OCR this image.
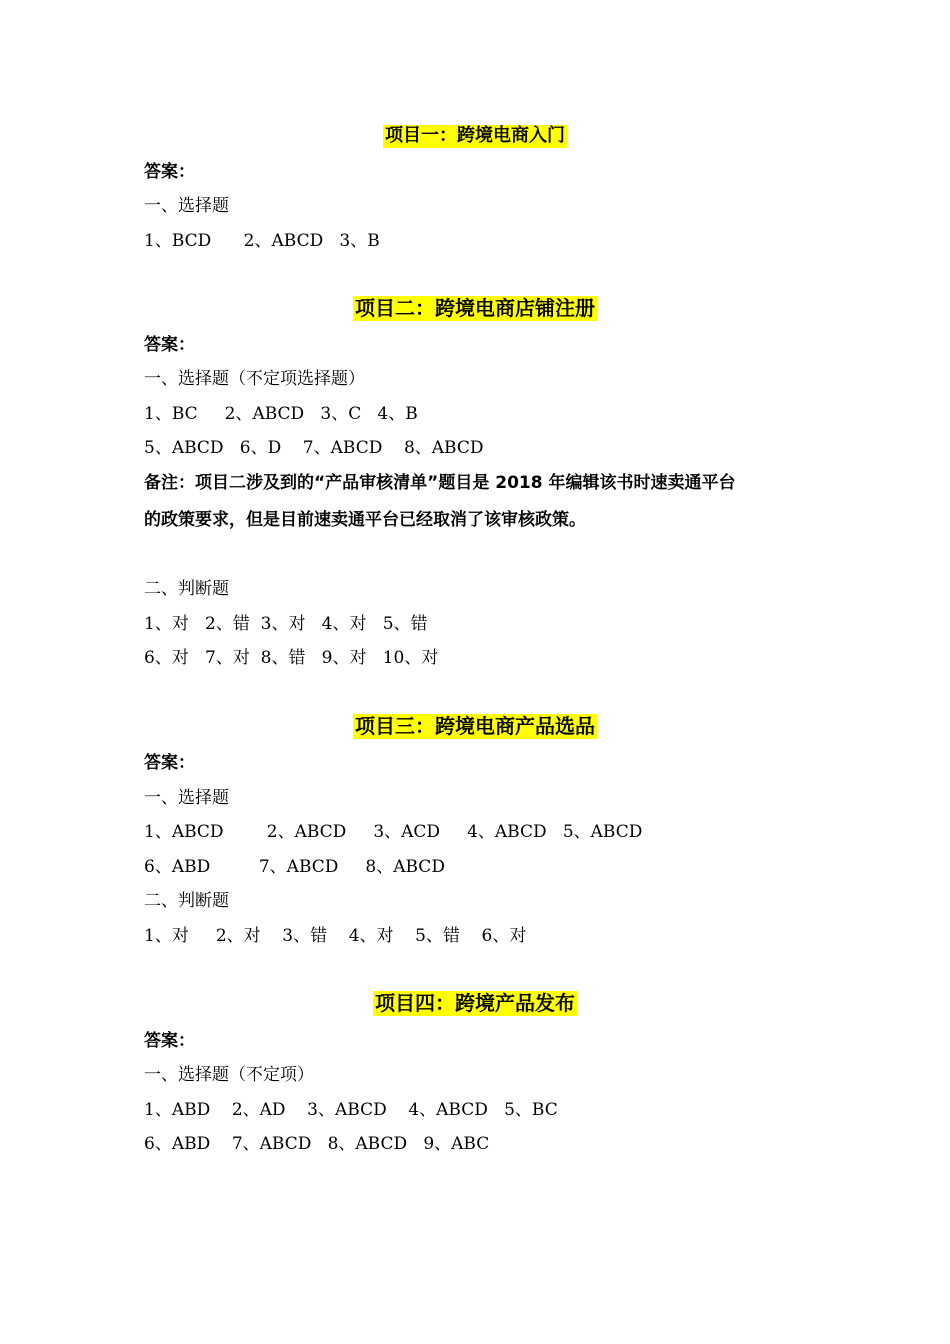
项目一：跨境电商入门

答案：

一、选择题

1、BCD      2、ABCD   3、B

项目二：跨境电商店铺注册

答案：

一、选择题（不定项选择题）

1、BC     2、ABCD   3、C   4、B

5、ABCD   6、D    7、ABCD    8、ABCD

备注：项目二涉及到的“产品审核清单”题目是 2018 年编辑该书时速卖通平台

的政策要求，但是目前速卖通平台已经取消了该审核政策。

二、判断题

1、对   2、错  3、对   4、对   5、错

6、对   7、对  8、错   9、对   10、对

项目三：跨境电商产品选品

答案：

一、选择题

1、ABCD        2、ABCD     3、ACD     4、ABCD   5、ABCD

6、ABD         7、ABCD     8、ABCD

二、判断题

1、对     2、对    3、错    4、对    5、错    6、对

项目四：跨境产品发布

答案：

一、选择题（不定项）

1、ABD    2、AD    3、ABCD    4、ABCD   5、BC

6、ABD    7、ABCD   8、ABCD   9、ABC
